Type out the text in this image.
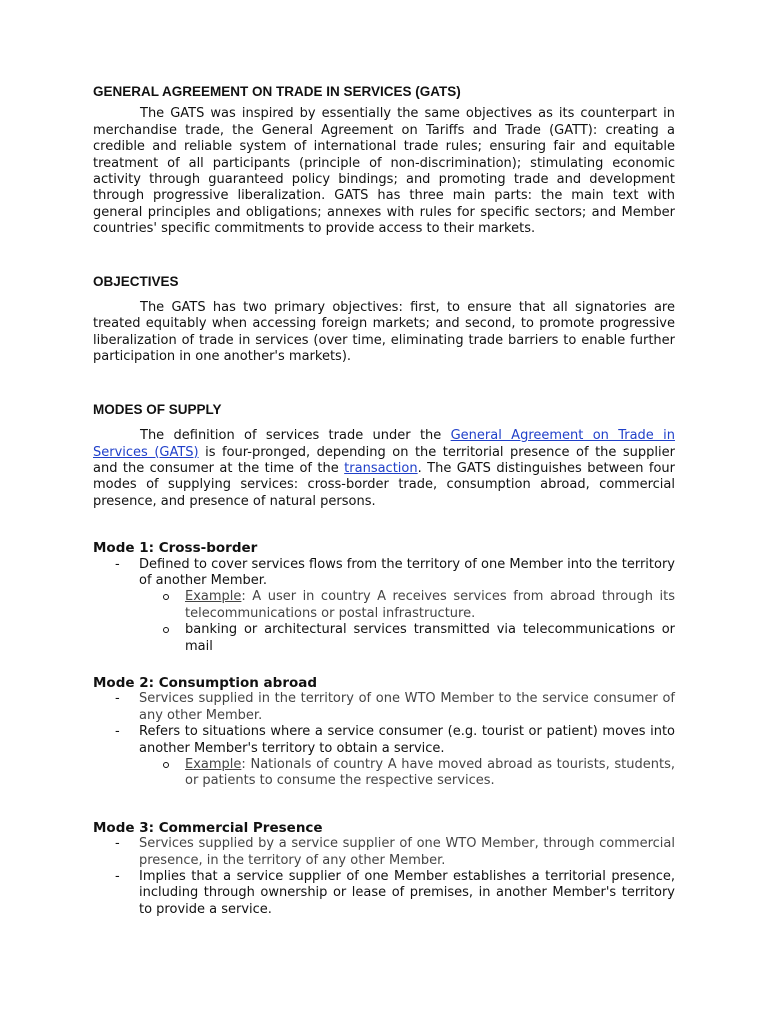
GENERAL AGREEMENT ON TRADE IN SERVICES (GATS)

The GATS was inspired by essentially the same objectives as its counterpart in merchandise trade, the General Agreement on Tariffs and Trade (GATT): creating a credible and reliable system of international trade rules; ensuring fair and equitable treatment of all participants (principle of non-discrimination); stimulating economic activity through guaranteed policy bindings; and promoting trade and development through progressive liberalization. GATS has three main parts: the main text with general principles and obligations; annexes with rules for specific sectors; and Member countries' specific commitments to provide access to their markets.

OBJECTIVES

The GATS has two primary objectives: first, to ensure that all signatories are treated equitably when accessing foreign markets; and second, to promote progressive liberalization of trade in services (over time, eliminating trade barriers to enable further participation in one another's markets).

MODES OF SUPPLY

The definition of services trade under the General Agreement on Trade in Services (GATS) is four-pronged, depending on the territorial presence of the supplier and the consumer at the time of the transaction. The GATS distinguishes between four modes of supplying services: cross-border trade, consumption abroad, commercial presence, and presence of natural persons.

Mode 1: Cross-border
- Defined to cover services flows from the territory of one Member into the territory of another Member.
Example: A user in country A receives services from abroad through its telecommunications or postal infrastructure.
banking or architectural services transmitted via telecommunications or mail
Mode 2: Consumption abroad
- Services supplied in the territory of one WTO Member to the service consumer of any other Member.
- Refers to situations where a service consumer (e.g. tourist or patient) moves into another Member's territory to obtain a service.
Example: Nationals of country A have moved abroad as tourists, students, or patients to consume the respective services.
Mode 3: Commercial Presence
- Services supplied by a service supplier of one WTO Member, through commercial presence, in the territory of any other Member.
- Implies that a service supplier of one Member establishes a territorial presence, including through ownership or lease of premises, in another Member's territory to provide a service.
